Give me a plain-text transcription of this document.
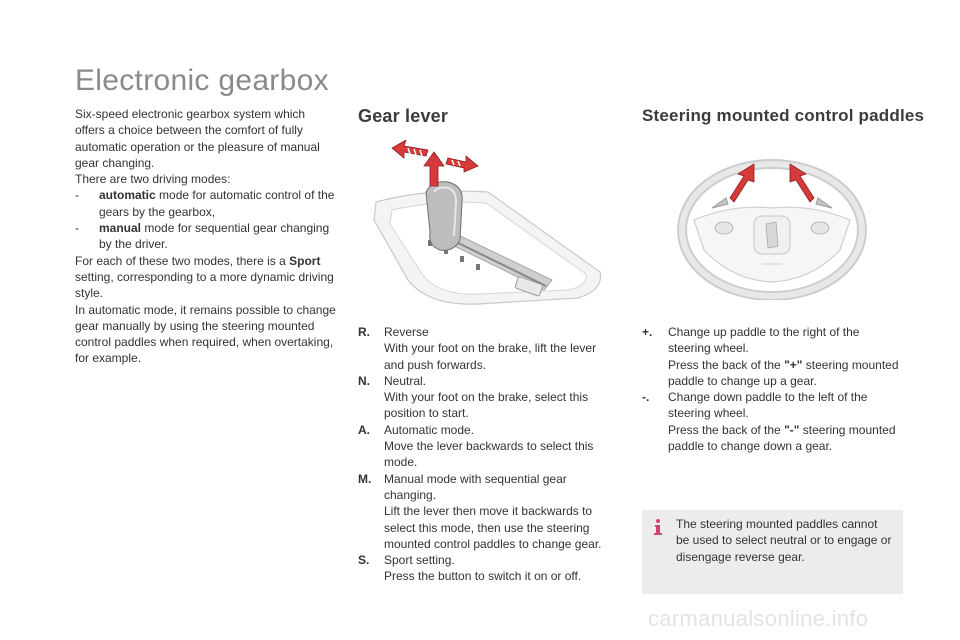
Electronic gearbox

Six-speed electronic gearbox system which offers a choice between the comfort of fully automatic operation or the pleasure of manual gear changing.

There are two driving modes:

-	automatic mode for automatic control of the gears by the gearbox,
-	manual mode for sequential gear changing by the driver.

For each of these two modes, there is a Sport setting, corresponding to a more dynamic driving style.

In automatic mode, it remains possible to change gear manually by using the steering mounted control paddles when required, when overtaking, for example.

Gear lever	Steering mounted control paddles
R.	Reverse
With your foot on the brake, lift the lever and push forwards.
N.	Neutral.
With your foot on the brake, select this position to start.
A.	Automatic mode.
Move the lever backwards to select this mode.
M.	Manual mode with sequential gear changing.
Lift the lever then move it backwards to select this mode, then use the steering mounted control paddles to change gear.
S.	Sport setting.
Press the button to switch it on or off.
+.	Change up paddle to the right of the steering wheel.
Press the back of the "+" steering mounted paddle to change up a gear.
-.	Change down paddle to the left of the steering wheel.
Press the back of the "-" steering mounted paddle to change down a gear.
The steering mounted paddles cannot be used to select neutral or to engage or disengage reverse gear.
carmanualsonline.info
